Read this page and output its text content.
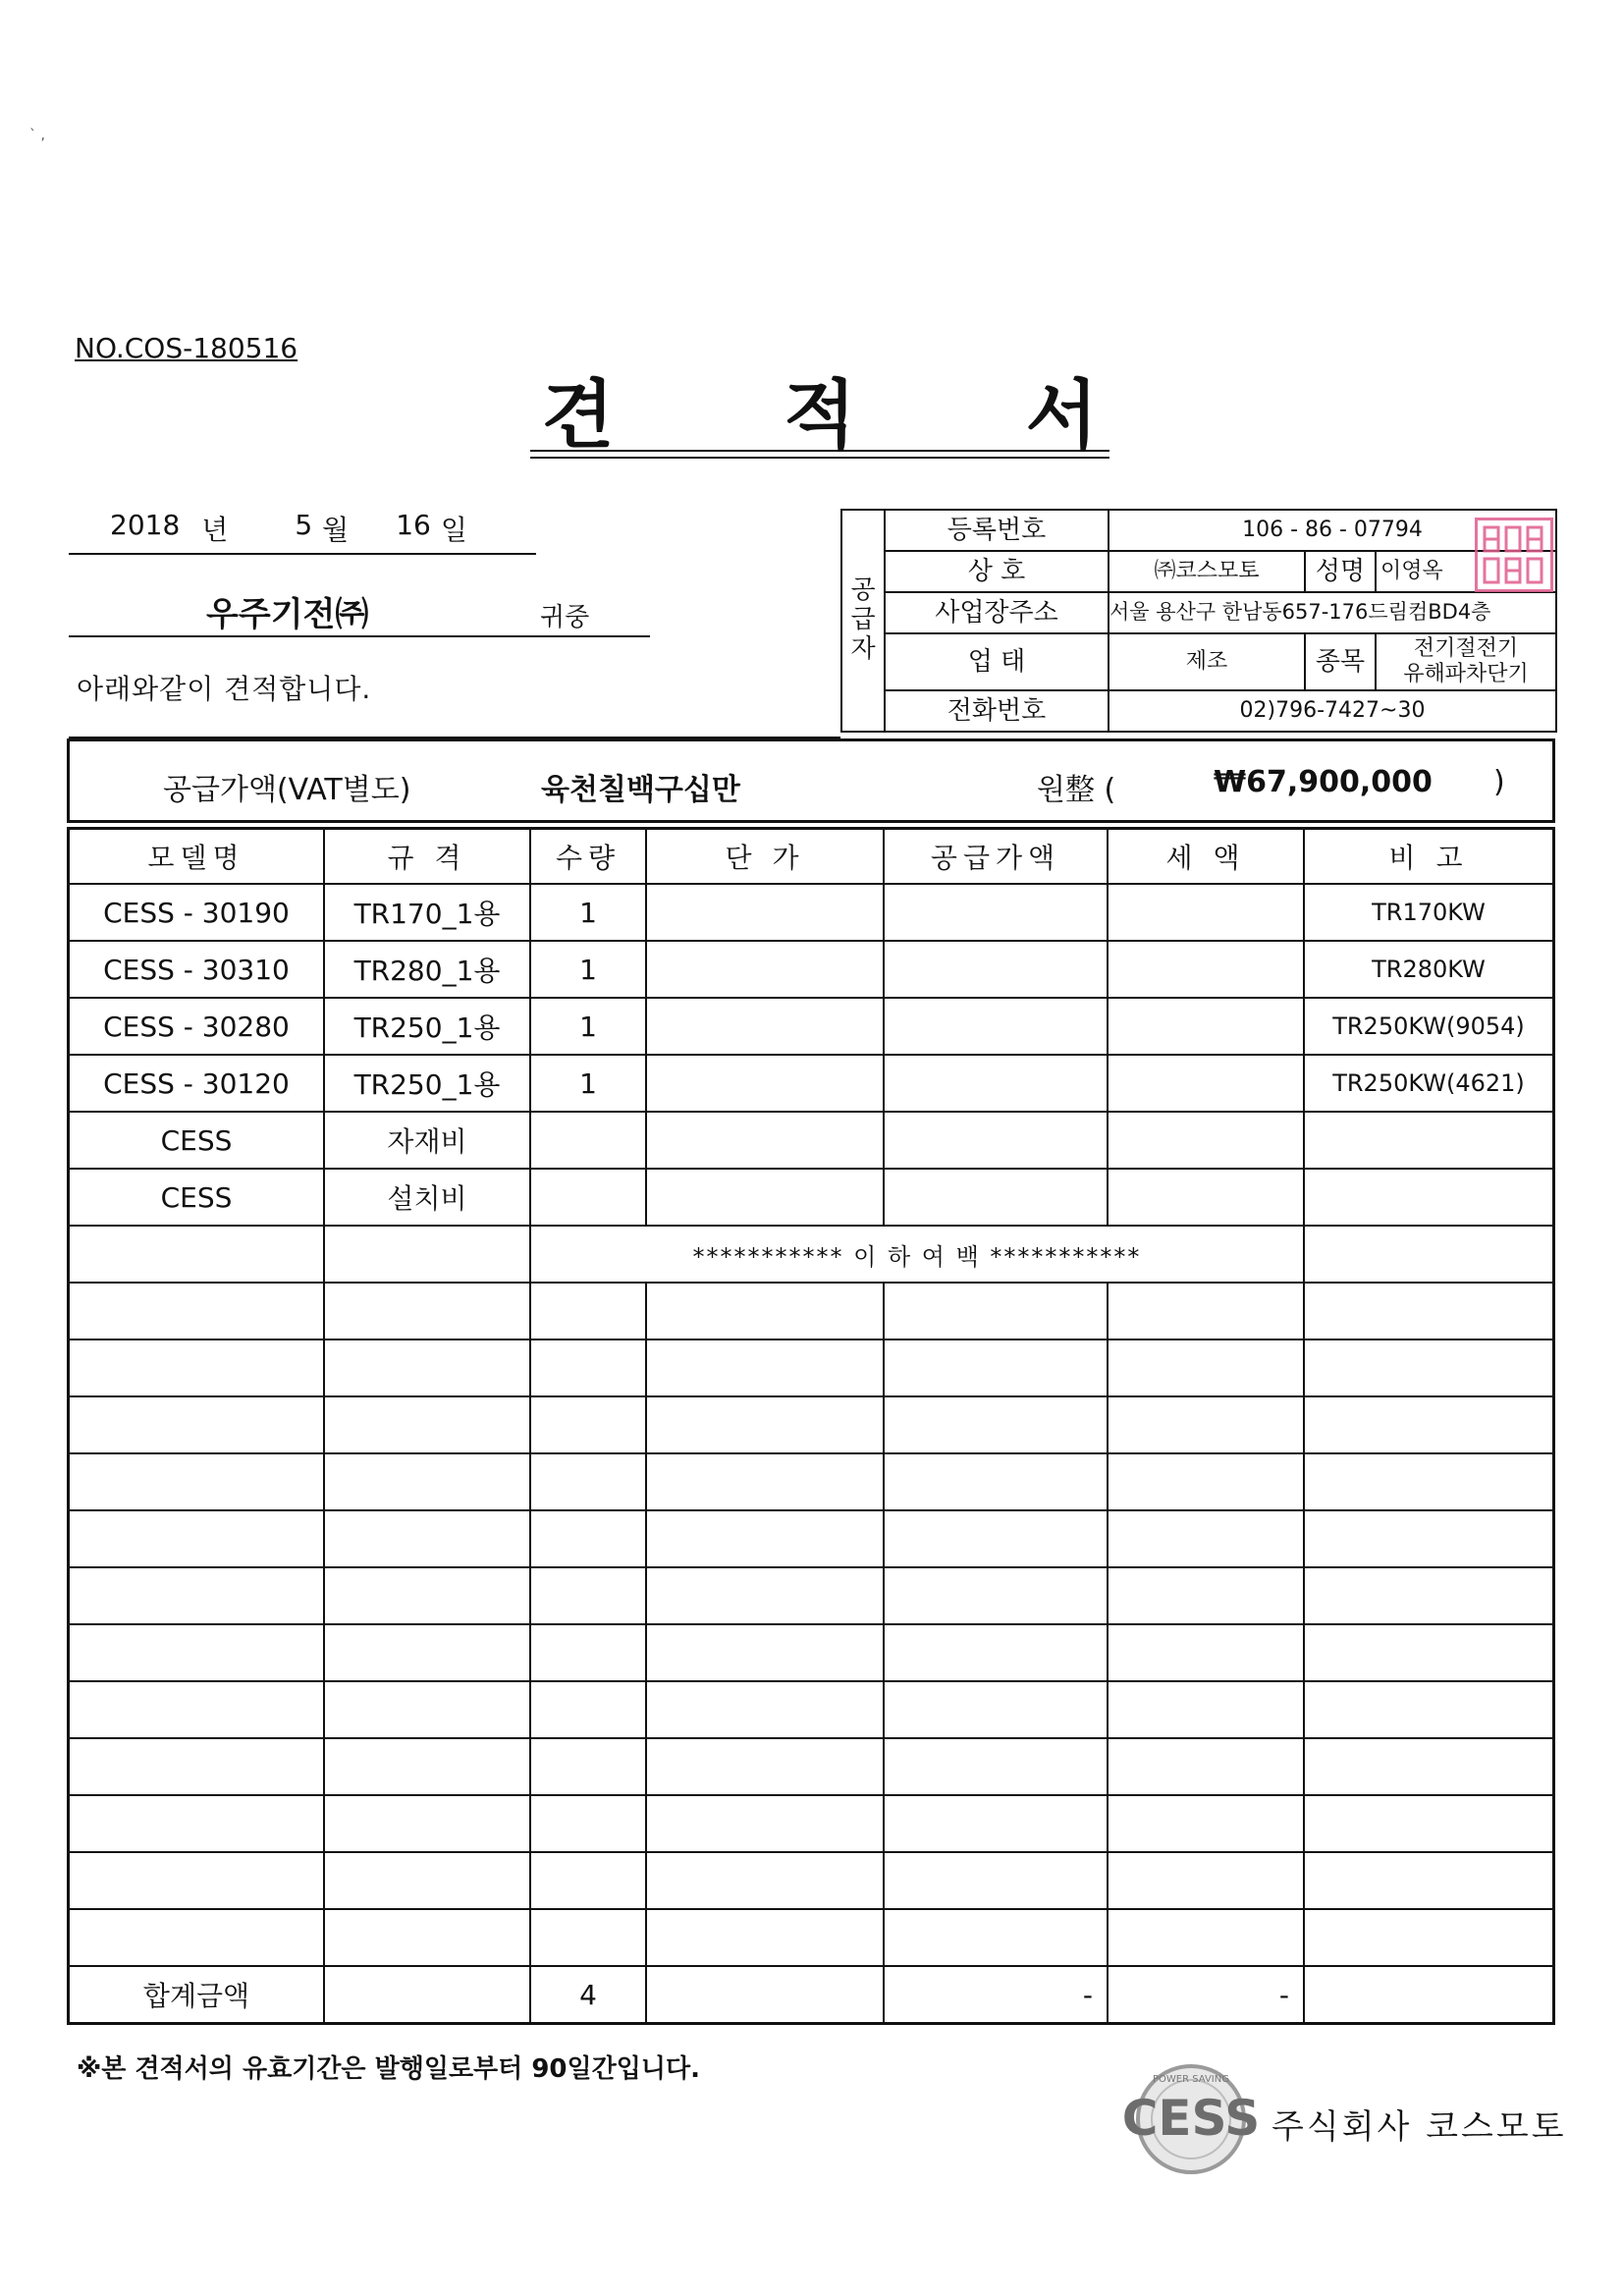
` ,
NO.COS-180516
견 적 서
2018 년 5 월 16 일
우주기전㈜	귀중
아래와같이 견적합니다.
공
급
자	등록번호	106 - 86 - 07794		
	상 호	㈜코스모토	성명	이영옥
	사업장주소	서울 용산구 한남동657-176드림컴BD4층		
	업 태	제조	종목	전기절전기
유해파차단기

	전화번호	02)796-7427~30		
공급가액(VAT별도)	육천칠백구십만	원整 (	₩67,900,000 )
모델명	규 격	수량	단 가	공급가액	세 액	비 고
CESS - 30190	TR170_1용	1				TR170KW
CESS - 30310	TR280_1용	1				TR280KW
CESS - 30280	TR250_1용	1				TR250KW(9054)
CESS - 30120	TR250_1용	1				TR250KW(4621)
CESS	자재비					
CESS	설치비					
		*********** 이 하 여 백 ***********				

합계금액		4		-	-	
※본 견적서의 유효기간은 발행일로부터 90일간입니다.	POWER SAVING
CESS 주식회사 코스모토
